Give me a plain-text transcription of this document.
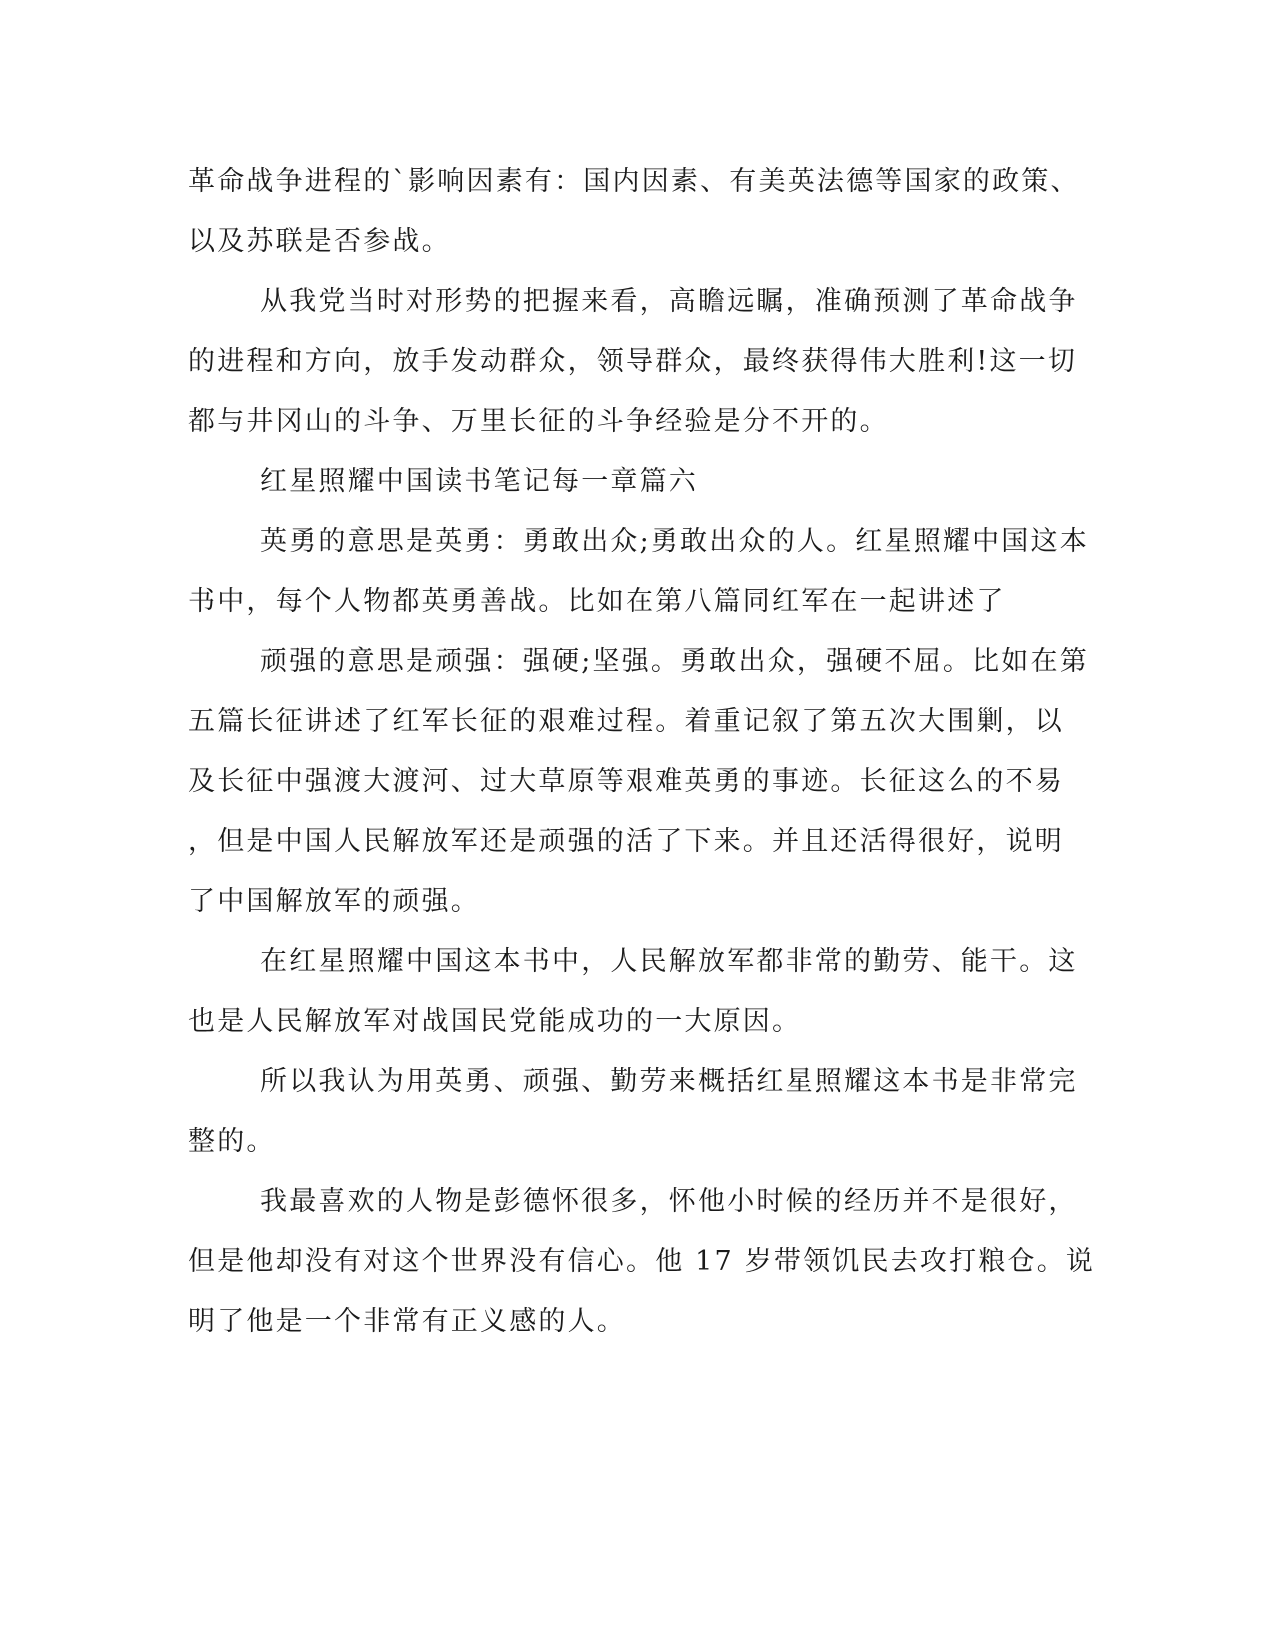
革命战争进程的`影响因素有：国内因素、有美英法德等国家的政策、
以及苏联是否参战。
从我党当时对形势的把握来看，高瞻远瞩，准确预测了革命战争
的进程和方向，放手发动群众，领导群众，最终获得伟大胜利!这一切
都与井冈山的斗争、万里长征的斗争经验是分不开的。
红星照耀中国读书笔记每一章篇六
英勇的意思是英勇：勇敢出众;勇敢出众的人。红星照耀中国这本
书中，每个人物都英勇善战。比如在第八篇同红军在一起讲述了
顽强的意思是顽强：强硬;坚强。勇敢出众，强硬不屈。比如在第
五篇长征讲述了红军长征的艰难过程。着重记叙了第五次大围剿，以
及长征中强渡大渡河、过大草原等艰难英勇的事迹。长征这么的不易
，但是中国人民解放军还是顽强的活了下来。并且还活得很好，说明
了中国解放军的顽强。
在红星照耀中国这本书中，人民解放军都非常的勤劳、能干。这
也是人民解放军对战国民党能成功的一大原因。
所以我认为用英勇、顽强、勤劳来概括红星照耀这本书是非常完
整的。
我最喜欢的人物是彭德怀很多，怀他小时候的经历并不是很好，
但是他却没有对这个世界没有信心。他 17 岁带领饥民去攻打粮仓。说
明了他是一个非常有正义感的人。
